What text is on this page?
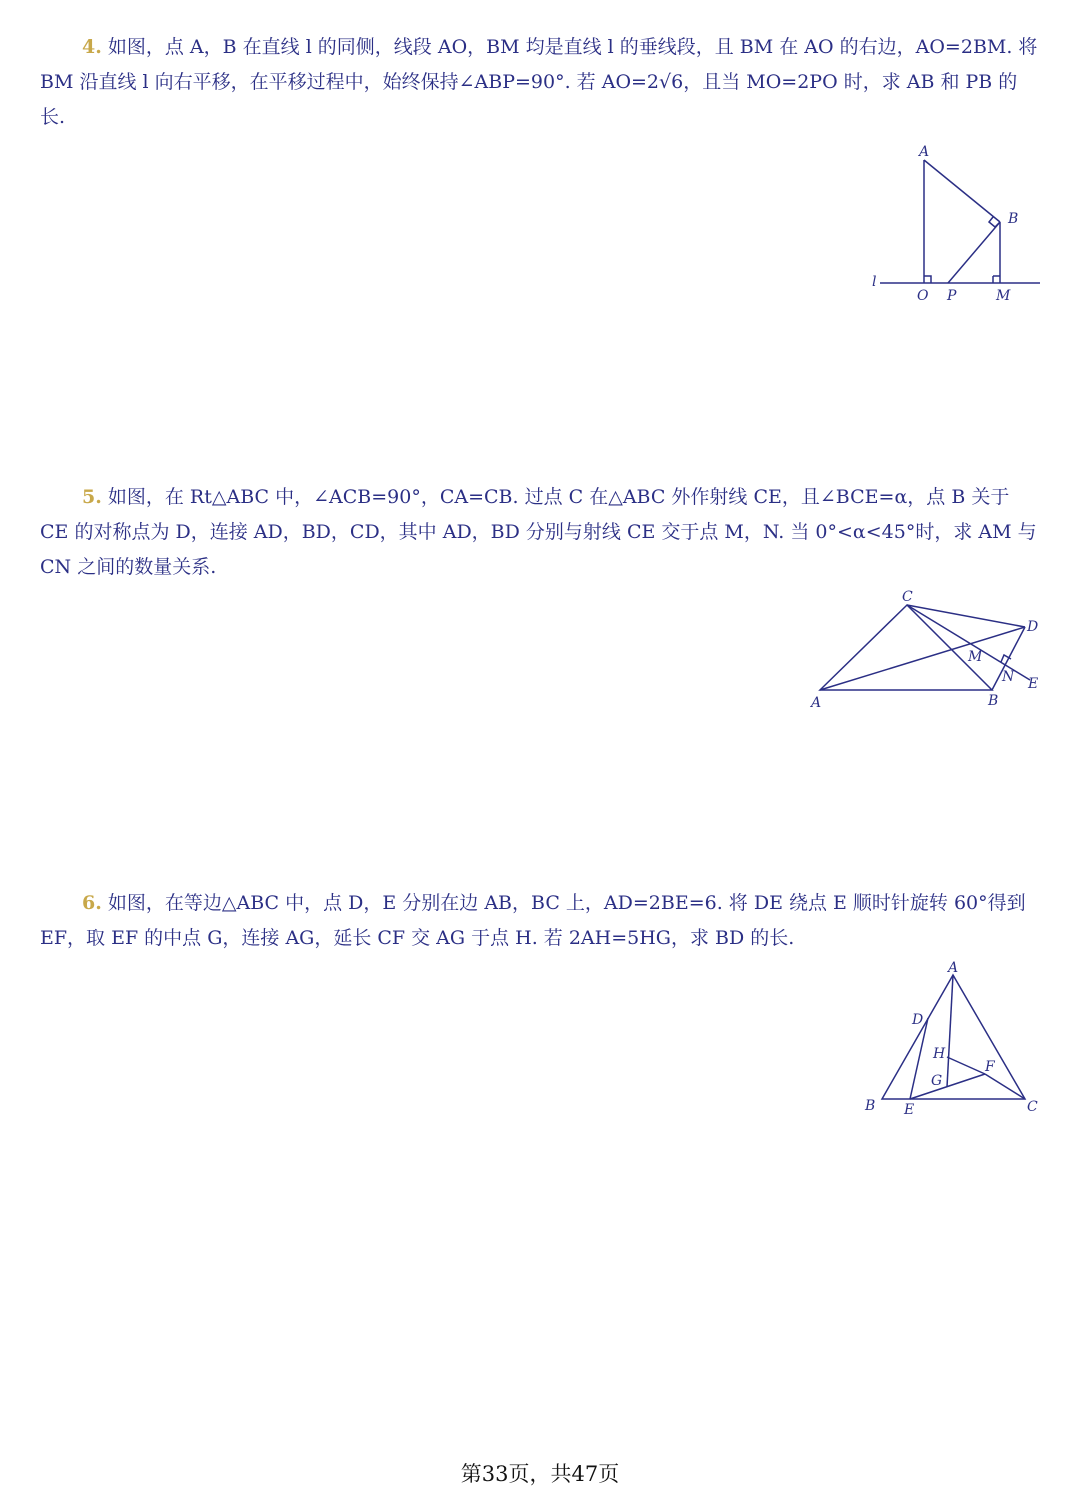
4. 如图，点 A，B 在直线 l 的同侧，线段 AO，BM 均是直线 l 的垂线段，且 BM 在 AO 的右边，AO=2BM. 将 BM 沿直线 l 向右平移，在平移过程中，始终保持∠ABP=90°. 若 AO=2√6，且当 MO=2PO 时，求 AB 和 PB 的长.

A
B
O P	M
l

5. 如图，在 Rt△ABC 中，∠ACB=90°，CA=CB. 过点 C 在△ABC 外作射线 CE，且∠BCE=α，点 B 关于 CE 的对称点为 D，连接 AD，BD，CD，其中 AD，BD 分别与射线 CE 交于点 M，N. 当 0°<α<45°时，求 AM 与 CN 之间的数量关系.

C
D
M
N E
A	B

6. 如图，在等边△ABC 中，点 D，E 分别在边 AB，BC 上，AD=2BE=6. 将 DE 绕点 E 顺时针旋转 60°得到 EF，取 EF 的中点 G，连接 AG，延长 CF 交 AG 于点 H. 若 2AH=5HG，求 BD 的长.

A
D
H
F
G
B E	C
第33页，共47页
